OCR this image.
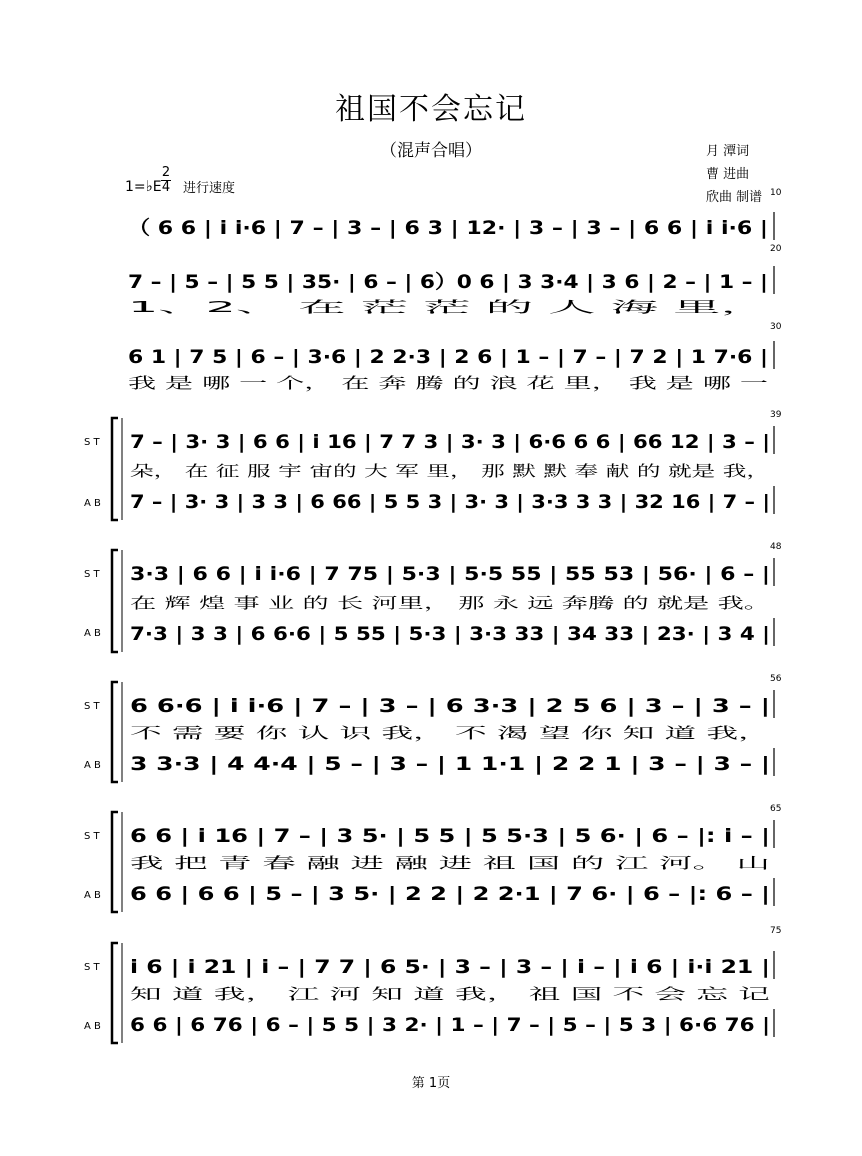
祖国不会忘记
（混声合唱）	月 潭词
曹 进曲
欣曲 制谱
1=♭E $\frac{2}{4}$ 进行速度	10
20
30
39
48
56
65
75
S T
A B
S T
A B
S T
A B
S T
A B
S T
A B
（ 6 6 | i i·6 | 7 – | 3 – | 6 3 | 12· | 3 – | 3 – | 6 6 | i i·6 |
7 – | 5 – | 5 5 | 35· | 6 – | 6）0 6 | 3 3·4 | 3 6 | 2 – | 1 – |
6 1 | 7 5 | 6 – | 3·6 | 2 2·3 | 2 6 | 1 – | 7 – | 7 2 | 1 7·6 |
7 – | 3· 3 | 6 6 | i 16 | 7 7 3 | 3· 3 | 6·6 6 6 | 66 12 | 3 – |
7 – | 3· 3 | 3 3 | 6 66 | 5 5 3 | 3· 3 | 3·3 3 3 | 32 16 | 7 – |
3·3 | 6 6 | i i·6 | 7 75 | 5·3 | 5·5 55 | 55 53 | 56· | 6 – |
7·3 | 3 3 | 6 6·6 | 5 55 | 5·3 | 3·3 33 | 34 33 | 23· | 3 4 |
6 6·6 | i i·6 | 7 – | 3 – | 6 3·3 | 2 5 6 | 3 – | 3 – |
3 3·3 | 4 4·4 | 5 – | 3 – | 1 1·1 | 2 2 1 | 3 – | 3 – |
6 6 | i 16 | 7 – | 3 5· | 5 5 | 5 5·3 | 5 6· | 6 – |: i – |
6 6 | 6 6 | 5 – | 3 5· | 2 2 | 2 2·1 | 7 6· | 6 – |: 6 – |
i 6 | i 21 | i – | 7 7 | 6 5· | 3 – | 3 – | i – | i 6 | i·i 21 |
6 6 | 6 76 | 6 – | 5 5 | 3 2· | 1 – | 7 – | 5 – | 5 3 | 6·6 76 |
1、2、 在 茫 茫 的 人 海 里，
我 是 哪 一 个， 在 奔 腾 的 浪 花 里， 我 是 哪 一
朵， 在 征 服 宇 宙的 大 军 里， 那 默 默 奉 献 的 就是 我，
在 辉 煌 事 业 的 长 河里， 那 永 远 奔腾 的 就是 我。
不 需 要 你 认 识 我， 不 渴 望 你 知 道 我，
我 把 青 春 融 进 融 进 祖 国 的 江 河。 山
知 道 我， 江 河 知 道 我， 祖 国 不 会 忘 记
第 1页
